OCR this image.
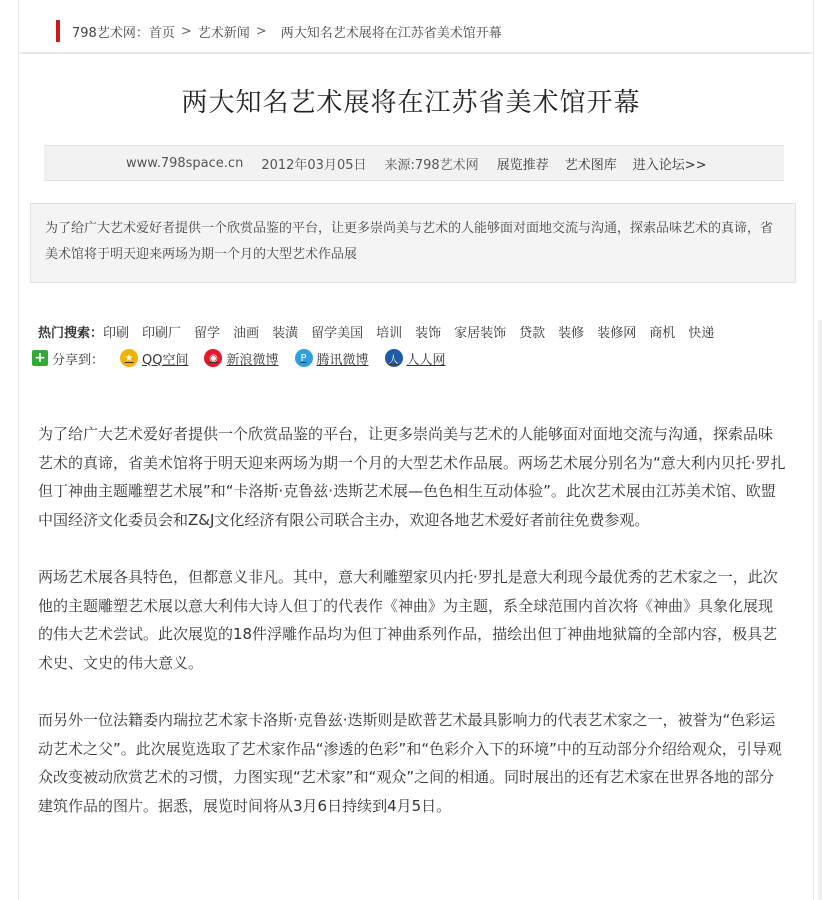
798艺术网 ： 首页 > 艺术新闻 > 两大知名艺术展将在江苏省美术馆开幕
两大知名艺术展将在江苏省美术馆开幕
www.798space.cn 2012年03月05日 来源:798艺术网 展览推荐 艺术图库 进入论坛>>
为了给广大艺术爱好者提供一个欣赏品鉴的平台，让更多崇尚美与艺术的人能够面对面地交流与沟通，探索品味艺术的真谛，省美术馆将于明天迎来两场为期一个月的大型艺术作品展
热门搜索：印刷 印刷厂 留学 油画 装潢 留学美国 培训 装饰 家居装饰 贷款 装修 装修网 商机 快递
+ 分享到：	★ QQ空间	◉ 新浪微博	P 腾讯微博	人 人人网

为了给广大艺术爱好者提供一个欣赏品鉴的平台，让更多崇尚美与艺术的人能够面对面地交流与沟通，探索品味艺术的真谛，省美术馆将于明天迎来两场为期一个月的大型艺术作品展。两场艺术展分别名为“意大利内贝托·罗扎但丁神曲主题雕塑艺术展”和“卡洛斯·克鲁兹·迭斯艺术展—色色相生互动体验”。此次艺术展由江苏美术馆、欧盟中国经济文化委员会和Z&J文化经济有限公司联合主办，欢迎各地艺术爱好者前往免费参观。

两场艺术展各具特色，但都意义非凡。其中，意大利雕塑家贝内托·罗扎是意大利现今最优秀的艺术家之一，此次他的主题雕塑艺术展以意大利伟大诗人但丁的代表作《神曲》为主题，系全球范围内首次将《神曲》具象化展现的伟大艺术尝试。此次展览的18件浮雕作品均为但丁神曲系列作品，描绘出但丁神曲地狱篇的全部内容，极具艺术史、文史的伟大意义。

而另外一位法籍委内瑞拉艺术家卡洛斯·克鲁兹·迭斯则是欧普艺术最具影响力的代表艺术家之一，被誉为“色彩运动艺术之父”。此次展览选取了艺术家作品“渗透的色彩”和“色彩介入下的环境”中的互动部分介绍给观众，引导观众改变被动欣赏艺术的习惯，力图实现“艺术家”和“观众”之间的相通。同时展出的还有艺术家在世界各地的部分建筑作品的图片。据悉，展览时间将从3月6日持续到4月5日。
